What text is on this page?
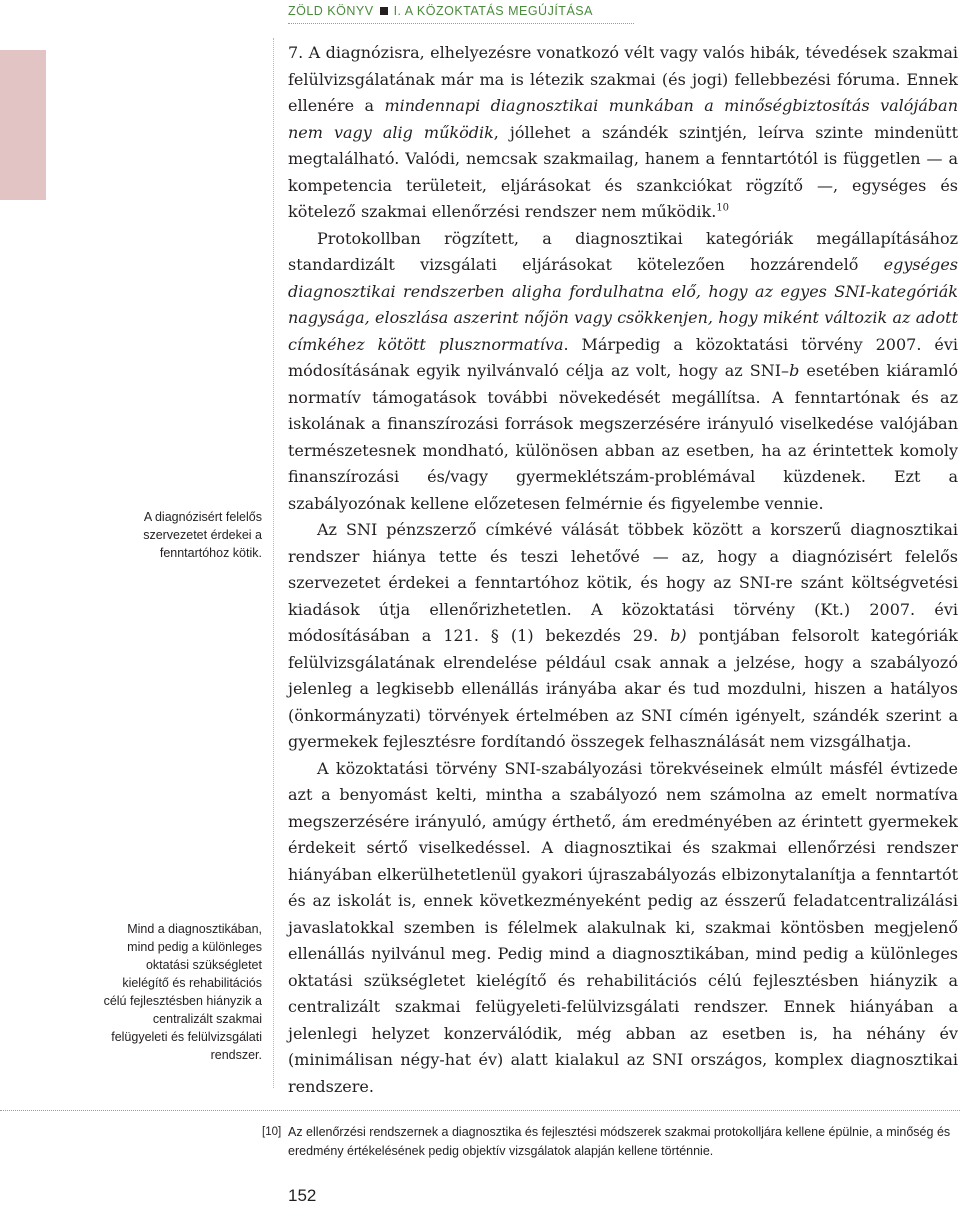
ZÖLD KÖNYV I. A KÖZOKTATÁS MEGÚJÍTÁSA
A diagnózisért felelős szervezetet érdekei a fenntartóhoz kötik.
Mind a diagnosztikában, mind pedig a különleges oktatási szükségletet kielégítő és rehabilitációs célú fejlesztésben hiányzik a centralizált szakmai felügyeleti és felülvizsgálati rendszer.

7. A diagnózisra, elhelyezésre vonatkozó vélt vagy valós hibák, tévedések szakmai felülvizsgálatának már ma is létezik szakmai (és jogi) fellebbezési fóruma. Ennek ellenére a mindennapi diagnosztikai munkában a minőségbiztosítás valójában nem vagy alig működik, jóllehet a szándék szintjén, leírva szinte mindenütt megtalálható. Valódi, nemcsak szakmailag, hanem a fenntartótól is független — a kompetencia területeit, eljárásokat és szankciókat rögzítő —, egységes és kötelező szakmai ellenőrzési rendszer nem működik.$^{10}$

Protokollban rögzített, a diagnosztikai kategóriák megállapításához standardizált vizsgálati eljárásokat kötelezően hozzárendelő egységes diagnosztikai rendszerben aligha fordulhatna elő, hogy az egyes SNI-kategóriák nagysága, eloszlása aszerint nőjön vagy csökkenjen, hogy miként változik az adott címkéhez kötött plusznormatíva. Márpedig a közoktatási törvény 2007. évi módosításának egyik nyilvánvaló célja az volt, hogy az SNI–b esetében kiáramló normatív támogatások további növekedését megállítsa. A fenntartónak és az iskolának a finanszírozási források megszerzésére irányuló viselkedése valójában természetesnek mondható, különösen abban az esetben, ha az érintettek komoly finanszírozási és/vagy gyermeklétszám-problémával küzdenek. Ezt a szabályozónak kellene előzetesen felmérnie és figyelembe vennie.

Az SNI pénzszerző címkévé válását többek között a korszerű diagnosztikai rendszer hiánya tette és teszi lehetővé — az, hogy a diagnózisért felelős szervezetet érdekei a fenntartóhoz kötik, és hogy az SNI-re szánt költségvetési kiadások útja ellenőrizhetetlen. A közoktatási törvény (Kt.) 2007. évi módosításában a 121. § (1) bekezdés 29. b) pontjában felsorolt kategóriák felülvizsgálatának elrendelése például csak annak a jelzése, hogy a szabályozó jelenleg a legkisebb ellenállás irányába akar és tud mozdulni, hiszen a hatályos (önkormányzati) törvények értelmében az SNI címén igényelt, szándék szerint a gyermekek fejlesztésre fordítandó összegek felhasználását nem vizsgálhatja.

A közoktatási törvény SNI-szabályozási törekvéseinek elmúlt másfél évtizede azt a benyomást kelti, mintha a szabályozó nem számolna az emelt normatíva megszerzésére irányuló, amúgy érthető, ám eredményében az érintett gyermekek érdekeit sértő viselkedéssel. A diagnosztikai és szakmai ellenőrzési rendszer hiányában elkerülhetetlenül gyakori újraszabályozás elbizonytalanítja a fenntartót és az iskolát is, ennek következményeként pedig az ésszerű feladatcentralizálási javaslatokkal szemben is félelmek alakulnak ki, szakmai köntösben megjelenő ellenállás nyilvánul meg. Pedig mind a diagnosztikában, mind pedig a különleges oktatási szükségletet kielégítő és rehabilitációs célú fejlesztésben hiányzik a centralizált szakmai felügyeleti-felülvizsgálati rendszer. Ennek hiányában a jelenlegi helyzet konzerválódik, még abban az esetben is, ha néhány év (minimálisan négy-hat év) alatt kialakul az SNI országos, komplex diagnosztikai rendszere.

[10] Az ellenőrzési rendszernek a diagnosztika és fejlesztési módszerek szakmai protokolljára kellene épülnie, a minőség és eredmény értékelésének pedig objektív vizsgálatok alapján kellene történnie.
152
